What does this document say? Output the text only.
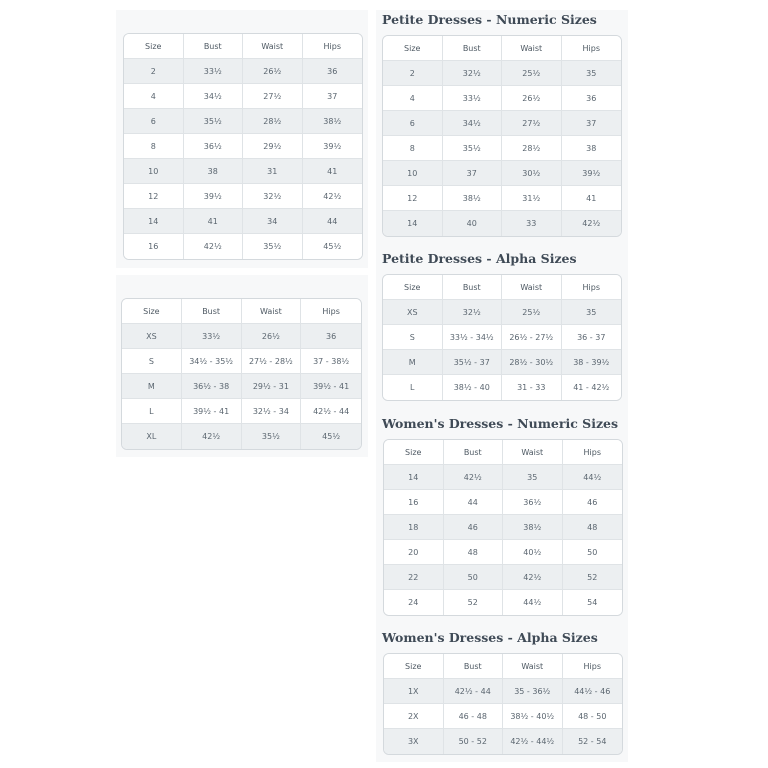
Petite Dresses - Numeric Sizes
Petite Dresses - Alpha Sizes
Women's Dresses - Numeric Sizes
Women's Dresses - Alpha Sizes
Size	Bust	Waist	Hips
2	33½	26½	36
4	34½	27½	37
6	35½	28½	38½
8	36½	29½	39½
10	38	31	41
12	39½	32½	42½
14	41	34	44
16	42½	35½	45½
Size	Bust	Waist	Hips
XS	33½	26½	36
S	34½ - 35½	27½ - 28½	37 - 38½
M	36½ - 38	29½ - 31	39½ - 41
L	39½ - 41	32½ - 34	42½ - 44
XL	42½	35½	45½
Size	Bust	Waist	Hips
2	32½	25½	35
4	33½	26½	36
6	34½	27½	37
8	35½	28½	38
10	37	30½	39½
12	38½	31½	41
14	40	33	42½
Size	Bust	Waist	Hips
XS	32½	25½	35
S	33½ - 34½	26½ - 27½	36 - 37
M	35½ - 37	28½ - 30½	38 - 39½
L	38½ - 40	31 - 33	41 - 42½
Size	Bust	Waist	Hips
14	42½	35	44½
16	44	36½	46
18	46	38½	48
20	48	40½	50
22	50	42½	52
24	52	44½	54
Size	Bust	Waist	Hips
1X	42½ - 44	35 - 36½	44½ - 46
2X	46 - 48	38½ - 40½	48 - 50
3X	50 - 52	42½ - 44½	52 - 54
